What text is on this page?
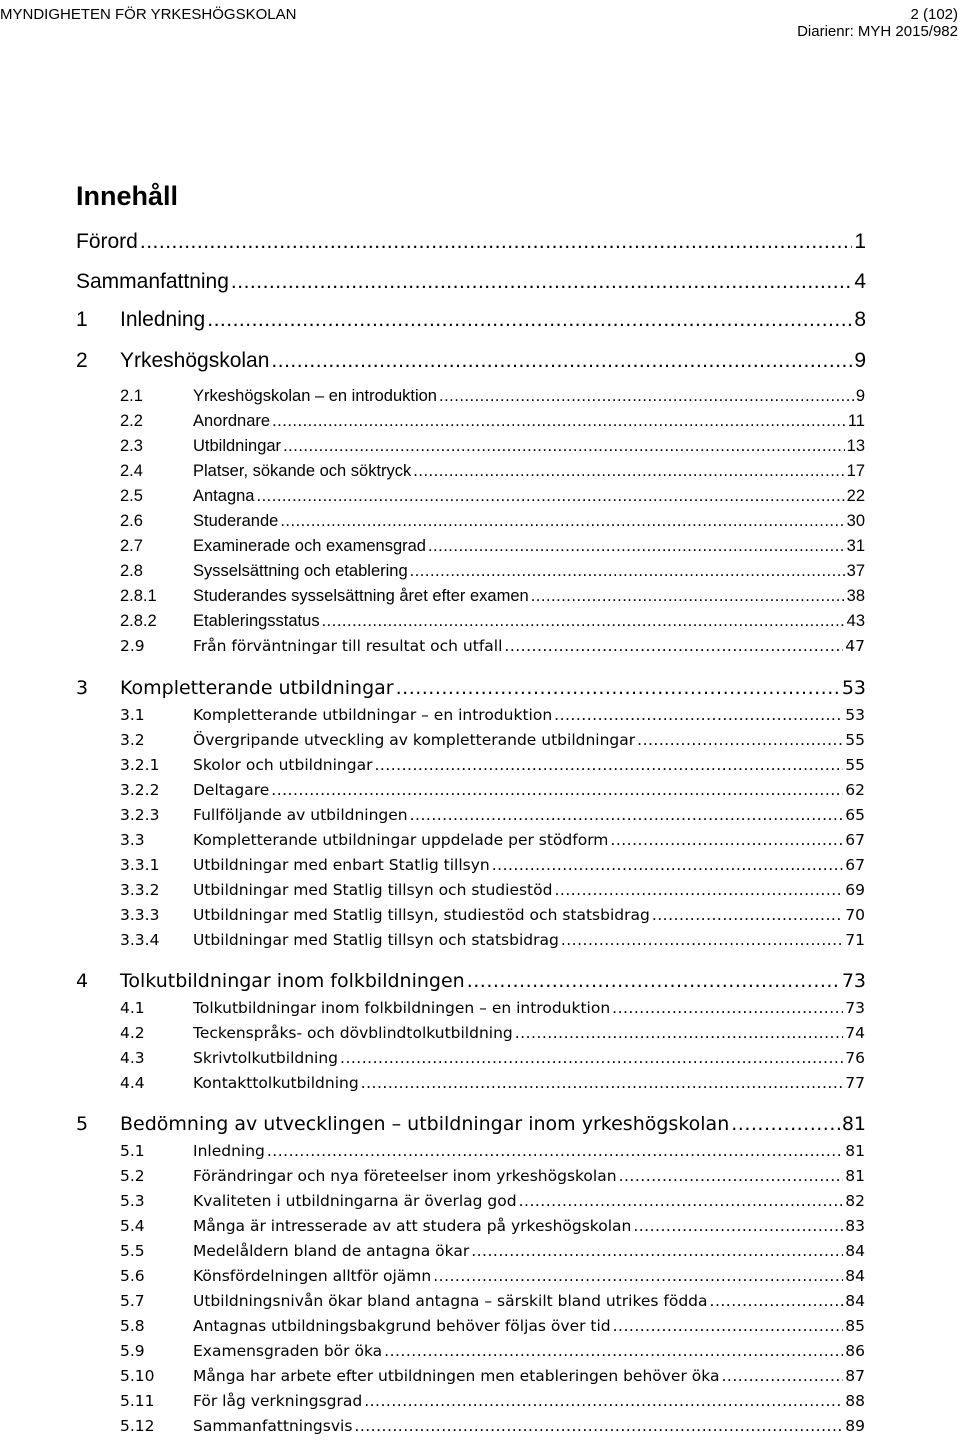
MYNDIGHETEN FÖR YRKESHÖGSKOLAN	2 (102)
Diarienr: MYH 2015/982
Innehåll
Förord .....	1
Sammanfattning .....	4
1	Inledning .....	8
2	Yrkeshögskolan .....	9
2.1	Yrkeshögskolan – en introduktion .....	9
2.2	Anordnare .....	11
2.3	Utbildningar .....	13
2.4	Platser, sökande och söktryck .....	17
2.5	Antagna .....	22
2.6	Studerande .....	30
2.7	Examinerade och examensgrad .....	31
2.8	Sysselsättning och etablering .....	37
2.8.1	Studerandes sysselsättning året efter examen .....	38
2.8.2	Etableringsstatus .....	43
2.9	Från förväntningar till resultat och utfall .....	47
3	Kompletterande utbildningar .....	53
3.1	Kompletterande utbildningar – en introduktion .....	53
3.2	Övergripande utveckling av kompletterande utbildningar .....	55
3.2.1	Skolor och utbildningar .....	55
3.2.2	Deltagare .....	62
3.2.3	Fullföljande av utbildningen .....	65
3.3	Kompletterande utbildningar uppdelade per stödform .....	67
3.3.1	Utbildningar med enbart Statlig tillsyn .....	67
3.3.2	Utbildningar med Statlig tillsyn och studiestöd .....	69
3.3.3	Utbildningar med Statlig tillsyn, studiestöd och statsbidrag .....	70
3.3.4	Utbildningar med Statlig tillsyn och statsbidrag .....	71
4	Tolkutbildningar inom folkbildningen .....	73
4.1	Tolkutbildningar inom folkbildningen – en introduktion .....	73
4.2	Teckenspråks- och dövblindtolkutbildning .....	74
4.3	Skrivtolkutbildning .....	76
4.4	Kontakttolkutbildning .....	77
5	Bedömning av utvecklingen – utbildningar inom yrkeshögskolan .....	81
5.1	Inledning .....	81
5.2	Förändringar och nya företeelser inom yrkeshögskolan .....	81
5.3	Kvaliteten i utbildningarna är överlag god .....	82
5.4	Många är intresserade av att studera på yrkeshögskolan .....	83
5.5	Medelåldern bland de antagna ökar .....	84
5.6	Könsfördelningen alltför ojämn .....	84
5.7	Utbildningsnivån ökar bland antagna – särskilt bland utrikes födda .....	84
5.8	Antagnas utbildningsbakgrund behöver följas över tid .....	85
5.9	Examensgraden bör öka .....	86
5.10	Många har arbete efter utbildningen men etableringen behöver öka .....	87
5.11	För låg verkningsgrad .....	88
5.12	Sammanfattningsvis .....	89
